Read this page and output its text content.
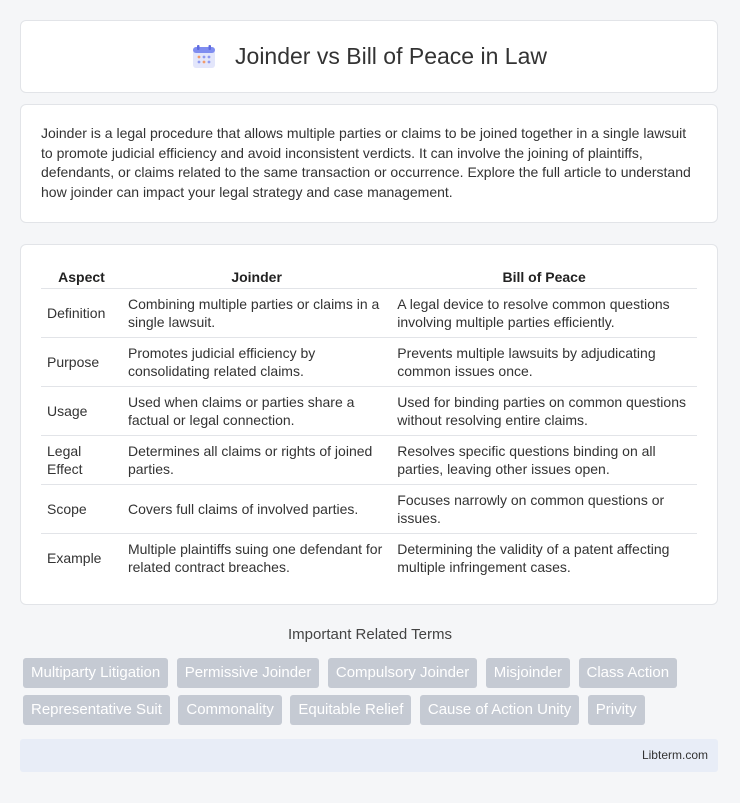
Joinder vs Bill of Peace in Law

Joinder is a legal procedure that allows multiple parties or claims to be joined together in a single lawsuit to promote judicial efficiency and avoid inconsistent verdicts. It can involve the joining of plaintiffs, defendants, or claims related to the same transaction or occurrence. Explore the full article to understand how joinder can impact your legal strategy and case management.

Aspect	Joinder	Bill of Peace
Definition	Combining multiple parties or claims in a single lawsuit.	A legal device to resolve common questions involving multiple parties efficiently.
Purpose	Promotes judicial efficiency by consolidating related claims.	Prevents multiple lawsuits by adjudicating common issues once.
Usage	Used when claims or parties share a factual or legal connection.	Used for binding parties on common questions without resolving entire claims.
Legal Effect	Determines all claims or rights of joined parties.	Resolves specific questions binding on all parties, leaving other issues open.
Scope	Covers full claims of involved parties.	Focuses narrowly on common questions or issues.
Example	Multiple plaintiffs suing one defendant for related contract breaches.	Determining the validity of a patent affecting multiple infringement cases.
Important Related Terms
Multiparty Litigation Permissive Joinder Compulsory Joinder Misjoinder Class Action Representative Suit Commonality Equitable Relief Cause of Action Unity Privity
Libterm.com
